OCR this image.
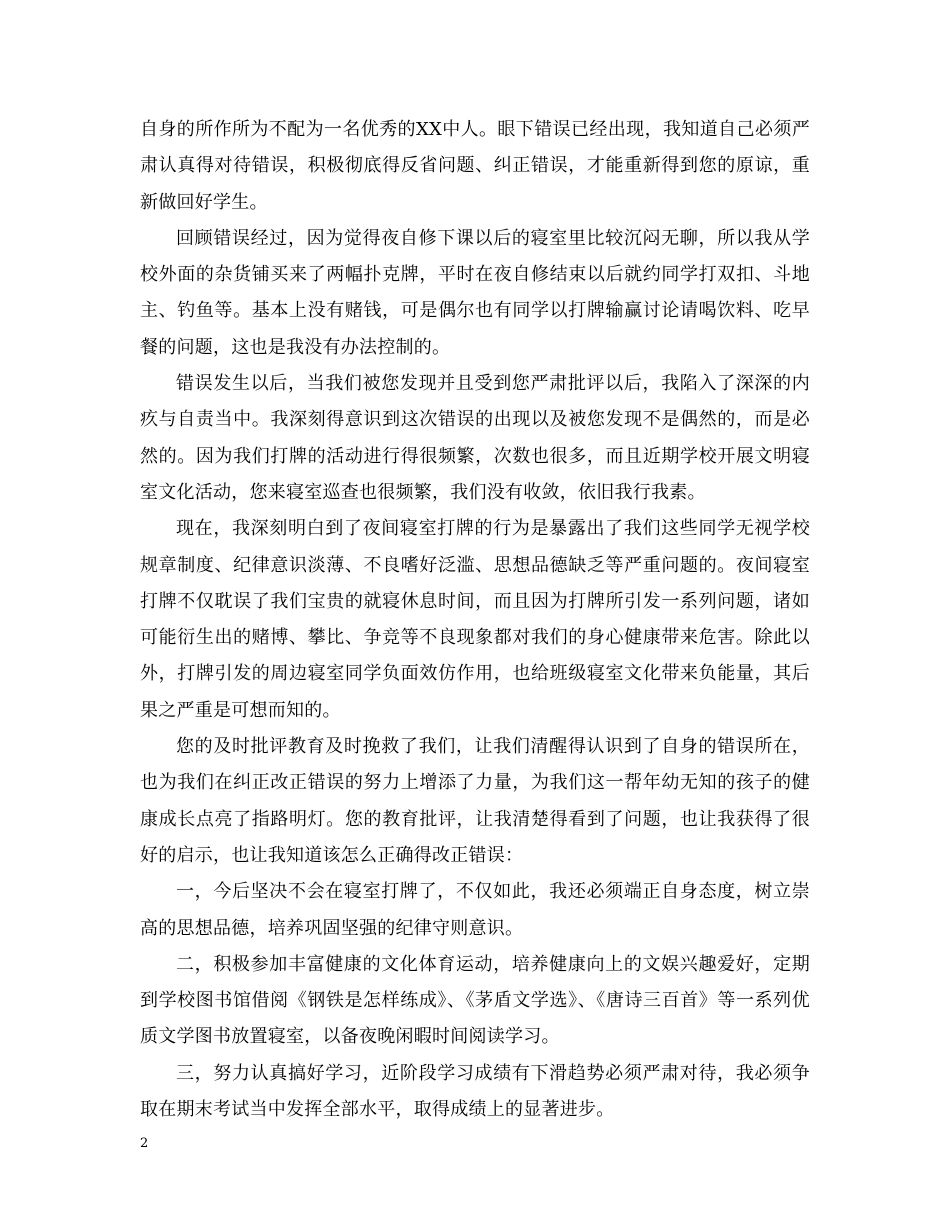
自身的所作所为不配为一名优秀的XX中人。眼下错误已经出现，我知道自己必须严肃认真得对待错误，积极彻底得反省问题、纠正错误，才能重新得到您的原谅，重新做回好学生。

回顾错误经过，因为觉得夜自修下课以后的寝室里比较沉闷无聊，所以我从学校外面的杂货铺买来了两幅扑克牌，平时在夜自修结束以后就约同学打双扣、斗地主、钓鱼等。基本上没有赌钱，可是偶尔也有同学以打牌输赢讨论请喝饮料、吃早餐的问题，这也是我没有办法控制的。

错误发生以后，当我们被您发现并且受到您严肃批评以后，我陷入了深深的内疚与自责当中。我深刻得意识到这次错误的出现以及被您发现不是偶然的，而是必然的。因为我们打牌的活动进行得很频繁，次数也很多，而且近期学校开展文明寝室文化活动，您来寝室巡查也很频繁，我们没有收敛，依旧我行我素。

现在，我深刻明白到了夜间寝室打牌的行为是暴露出了我们这些同学无视学校规章制度、纪律意识淡薄、不良嗜好泛滥、思想品德缺乏等严重问题的。夜间寝室打牌不仅耽误了我们宝贵的就寝休息时间，而且因为打牌所引发一系列问题，诸如可能衍生出的赌博、攀比、争竞等不良现象都对我们的身心健康带来危害。除此以外，打牌引发的周边寝室同学负面效仿作用，也给班级寝室文化带来负能量，其后果之严重是可想而知的。

您的及时批评教育及时挽救了我们，让我们清醒得认识到了自身的错误所在，也为我们在纠正改正错误的努力上增添了力量，为我们这一帮年幼无知的孩子的健康成长点亮了指路明灯。您的教育批评，让我清楚得看到了问题，也让我获得了很好的启示，也让我知道该怎么正确得改正错误：

一，今后坚决不会在寝室打牌了，不仅如此，我还必须端正自身态度，树立崇高的思想品德，培养巩固坚强的纪律守则意识。

二，积极参加丰富健康的文化体育运动，培养健康向上的文娱兴趣爱好，定期到学校图书馆借阅《钢铁是怎样练成》、《茅盾文学选》、《唐诗三百首》等一系列优质文学图书放置寝室，以备夜晚闲暇时间阅读学习。

三，努力认真搞好学习，近阶段学习成绩有下滑趋势必须严肃对待，我必须争取在期末考试当中发挥全部水平，取得成绩上的显著进步。

2
